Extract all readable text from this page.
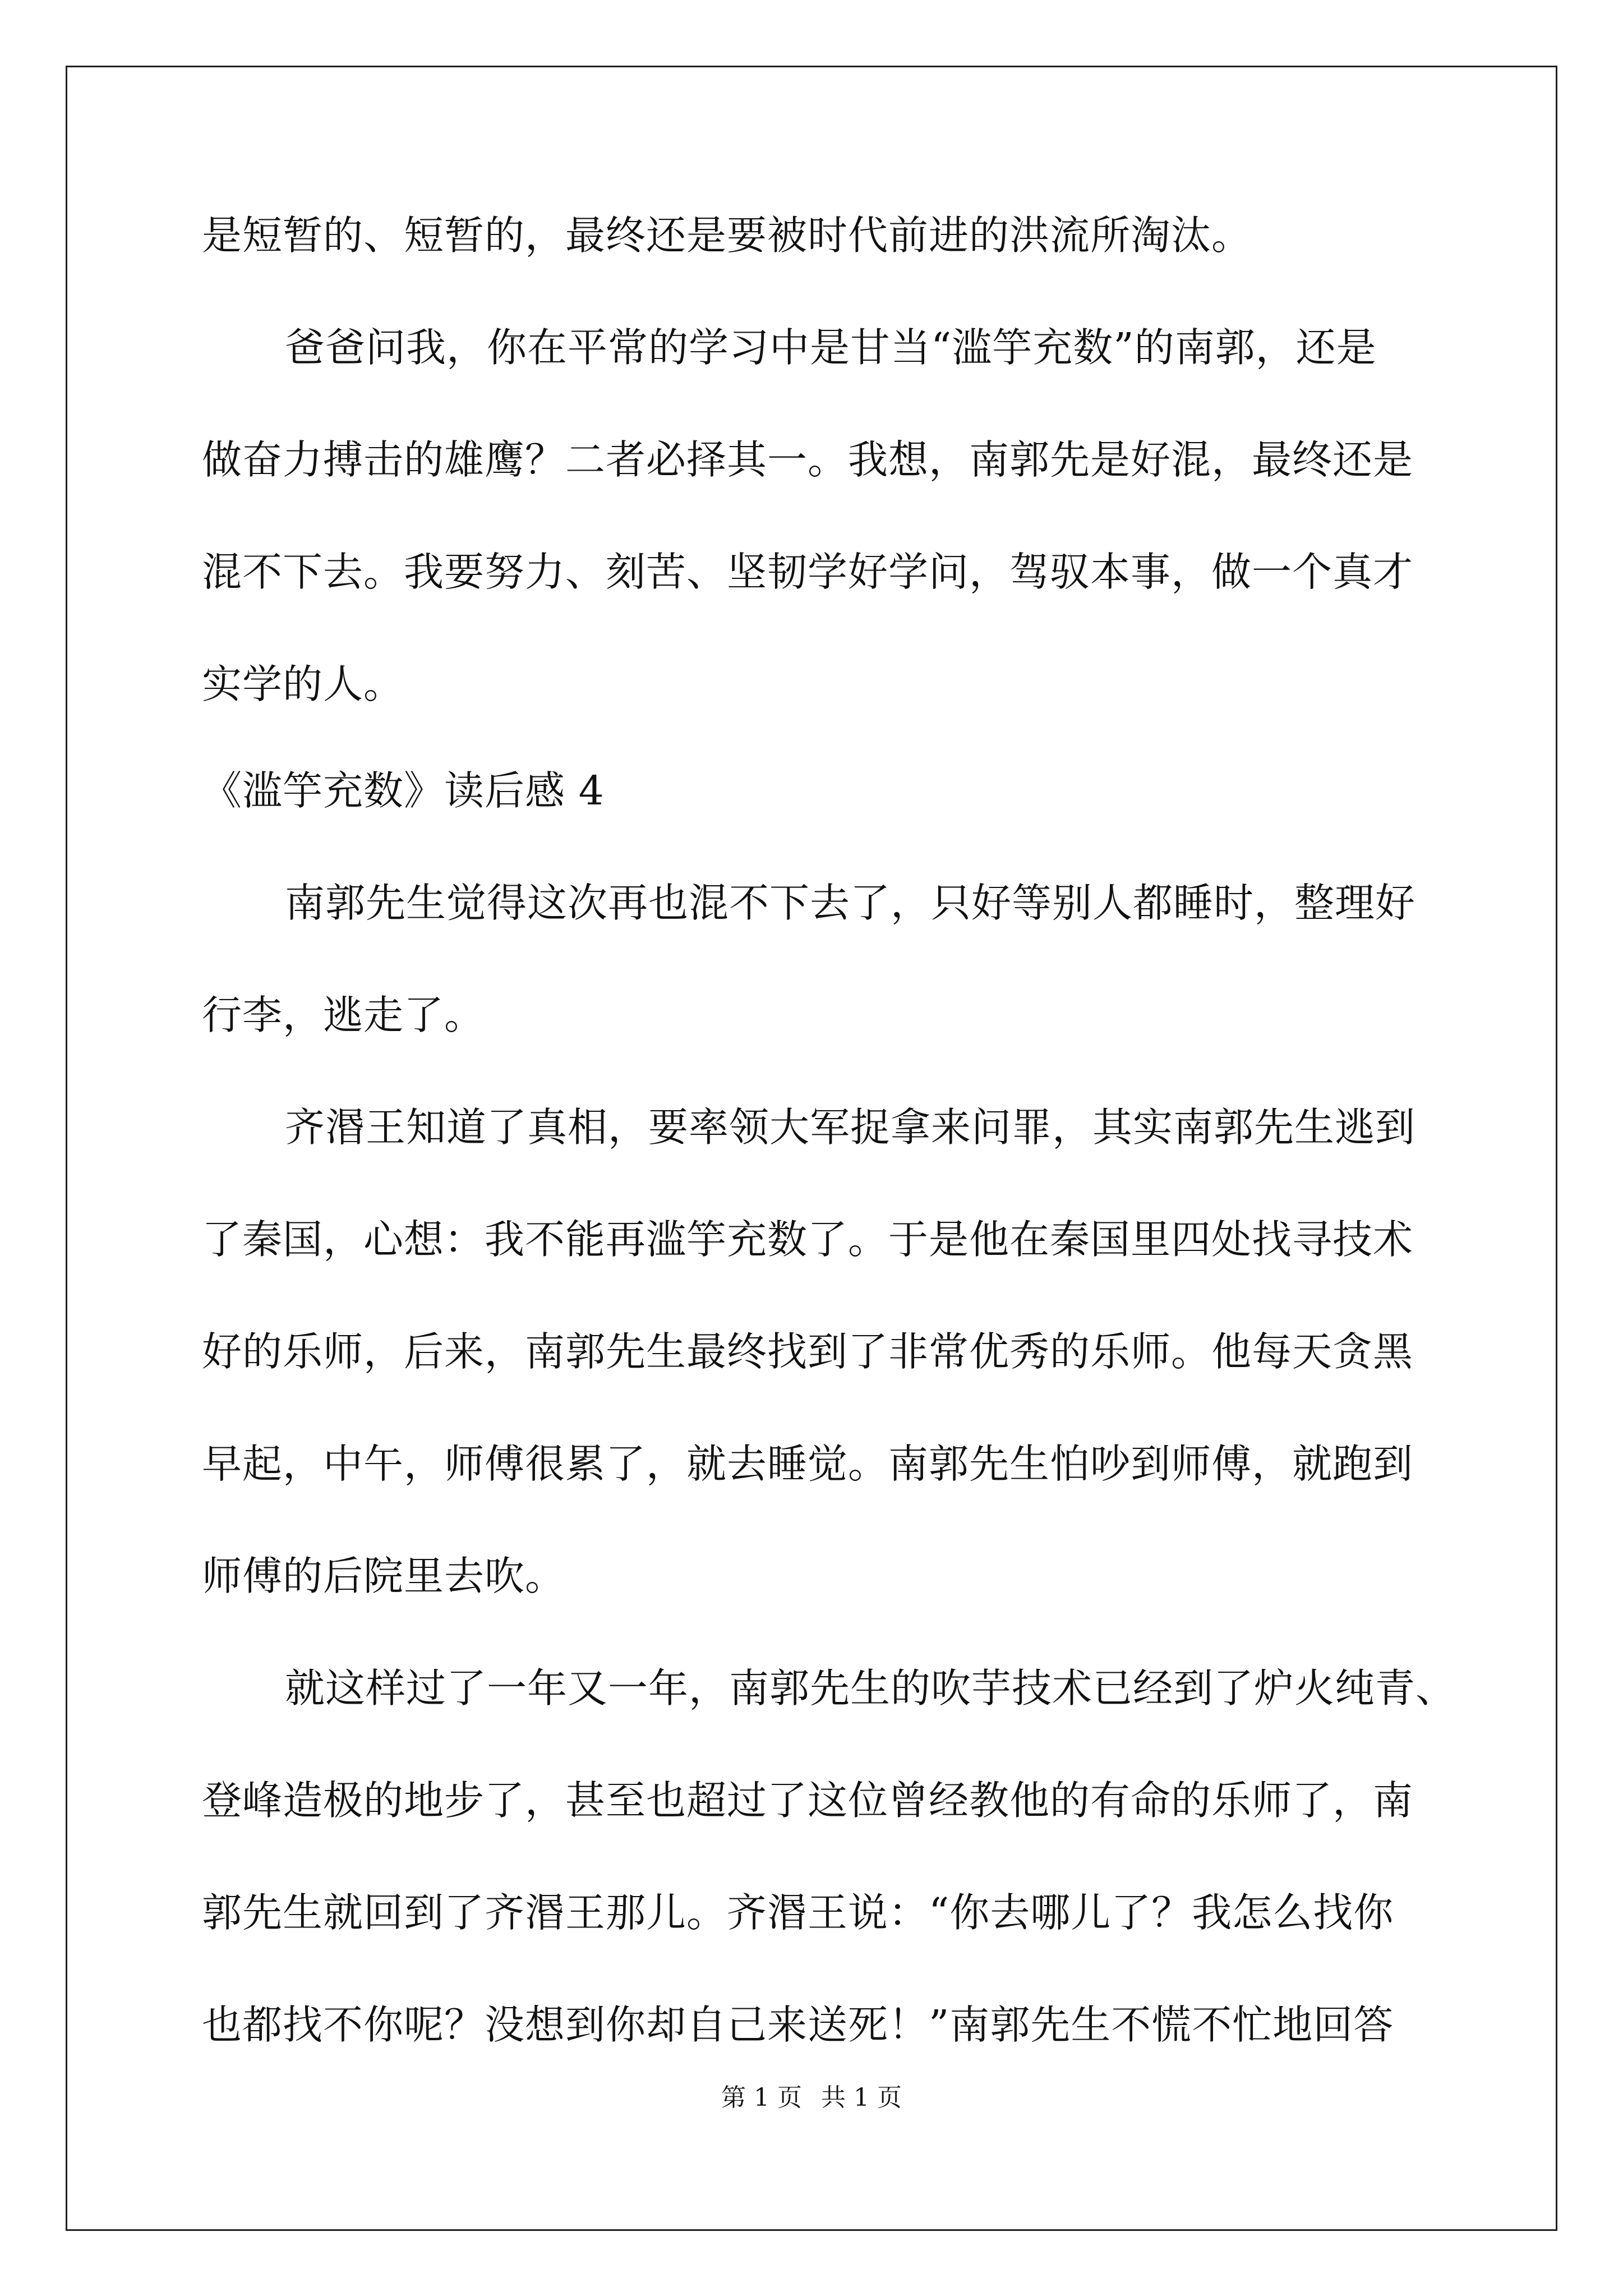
是短暂的、短暂的，最终还是要被时代前进的洪流所淘汰。
爸爸问我，你在平常的学习中是甘当“滥竽充数”的南郭，还是
做奋力搏击的雄鹰？二者必择其一。我想，南郭先是好混，最终还是
混不下去。我要努力、刻苦、坚韧学好学问，驾驭本事，做一个真才
实学的人。
《滥竽充数》读后感 4
南郭先生觉得这次再也混不下去了，只好等别人都睡时，整理好
行李，逃走了。
齐湣王知道了真相，要率领大军捉拿来问罪，其实南郭先生逃到
了秦国，心想：我不能再滥竽充数了。于是他在秦国里四处找寻技术
好的乐师，后来，南郭先生最终找到了非常优秀的乐师。他每天贪黑
早起，中午，师傅很累了，就去睡觉。南郭先生怕吵到师傅，就跑到
师傅的后院里去吹。
就这样过了一年又一年，南郭先生的吹芋技术已经到了炉火纯青、
登峰造极的地步了，甚至也超过了这位曾经教他的有命的乐师了，南
郭先生就回到了齐湣王那儿。齐湣王说：“你去哪儿了？我怎么找你
也都找不你呢？没想到你却自己来送死！”南郭先生不慌不忙地回答
第 1 页 共 1 页
